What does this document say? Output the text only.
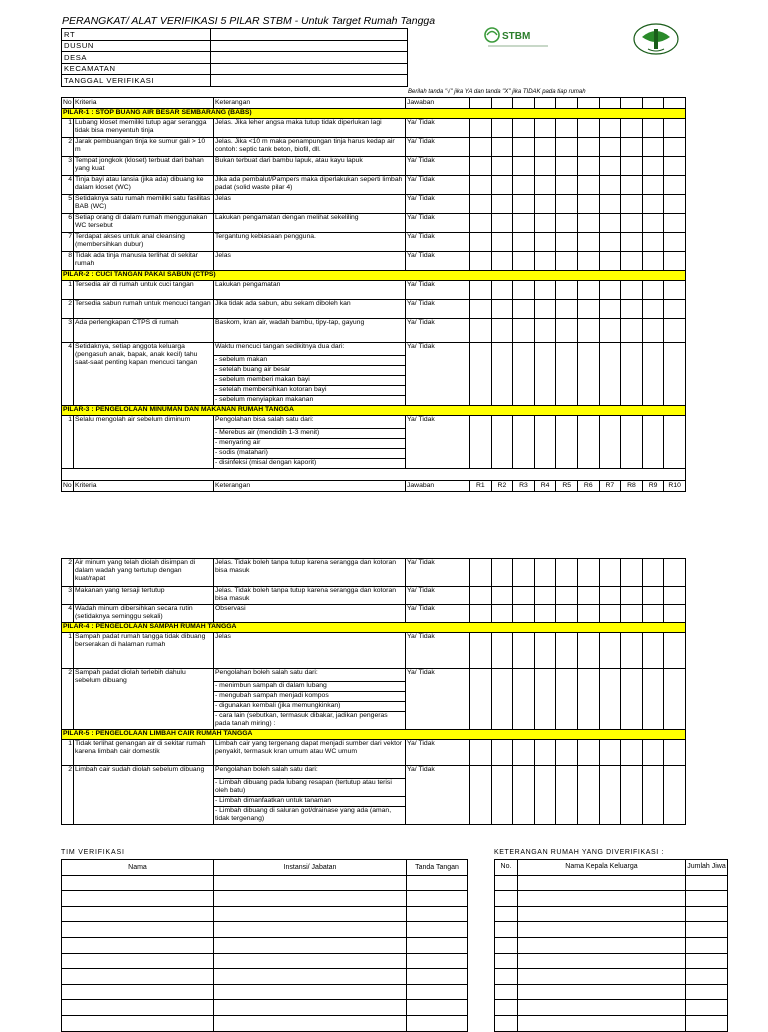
PERANGKAT/ ALAT VERIFIKASI 5 PILAR STBM - Untuk Target Rumah Tangga
STBM
RT	
DUSUN	
DESA	
KECAMATAN	
TANGGAL VERIFIKASI	
Berilah tanda "√" jika YA dan tanda "X" jika TIDAK pada tiap rumah
No	Kriteria	Keterangan	Jawaban										
PILAR-1 : STOP BUANG AIR BESAR SEMBARANG (BABS)													
1	Lubang kloset memiliki tutup agar serangga tidak bisa menyentuh tinja	Jelas. Jika leher angsa maka tutup tidak diperlukan lagi	Ya/ Tidak										
2	Jarak pembuangan tinja ke sumur gali > 10 m	Jelas. Jika <10 m maka penampungan tinja harus kedap air contoh: septic tank beton, biofil, dll.	Ya/ Tidak										
3	Tempat jongkok (kloset) terbuat dari bahan yang kuat	Bukan terbuat dari bambu lapuk, atau kayu lapuk	Ya/ Tidak										
4	Tinja bayi atau lansia (jika ada) dibuang ke dalam kloset (WC)	Jika ada pembalut/Pampers maka diperlakukan seperti limbah padat (solid waste pilar 4)	Ya/ Tidak										
5	Setidaknya satu rumah memiliki satu fasilitas BAB (WC)	Jelas	Ya/ Tidak										
6	Setiap orang di dalam rumah menggunakan WC tersebut	Lakukan pengamatan dengan melihat sekeliling	Ya/ Tidak										
7	Terdapat akses untuk anal cleansing (membersihkan dubur)	Tergantung kebiasaan pengguna.	Ya/ Tidak										
8	Tidak ada tinja manusia terlihat di sekitar rumah	Jelas	Ya/ Tidak										
PILAR-2 : CUCI TANGAN PAKAI SABUN (CTPS)													
1	Tersedia air di rumah untuk cuci tangan	Lakukan pengamatan	Ya/ Tidak										
2	Tersedia sabun rumah untuk mencuci tangan	Jika tidak ada sabun, abu sekam diboleh kan	Ya/ Tidak										
3	Ada perlengkapan CTPS di rumah	Baskom, kran air, wadah bambu, tipy-tap, gayung	Ya/ Tidak										
4	Setidaknya, setiap anggota keluarga (pengasuh anak, bapak, anak kecil) tahu saat-saat penting kapan mencuci tangan	Waktu mencuci tangan sedikitnya dua dari:	Ya/ Tidak										
		- sebelum makan											
		- setelah buang air besar											
		- sebelum memberi makan bayi											
		- setelah membersihkan kotoran bayi											
		- sebelum menyiapkan makanan											
PILAR-3 : PENGELOLAAN MINUMAN DAN MAKANAN RUMAH TANGGA													
1	Selalu mengolah air sebelum diminum	Pengolahan bisa salah satu dari:	Ya/ Tidak										
		- Merebus air (mendidih 1-3 menit)											
		- menyaring air											
		- sodis (matahari)											
		- disinfeksi (misal dengan kaporit)											

No	Kriteria	Keterangan	Jawaban	R1	R2	R3	R4	R5	R6	R7	R8	R9	R10
2	Air minum yang telah diolah disimpan di dalam wadah yang tertutup dengan kuat/rapat	Jelas. Tidak boleh tanpa tutup karena serangga dan kotoran bisa masuk	Ya/ Tidak										
3	Makanan yang tersaji tertutup	Jelas. Tidak boleh tanpa tutup karena serangga dan kotoran bisa masuk	Ya/ Tidak										
4	Wadah minum dibersihkan secara rutin (setidaknya seminggu sekali)	Observasi	Ya/ Tidak										
PILAR-4 : PENGELOLAAN SAMPAH RUMAH TANGGA													
1	Sampah padat rumah tangga tidak dibuang berserakan di halaman rumah	Jelas	Ya/ Tidak										
2	Sampah padat diolah terlebih dahulu sebelum dibuang	Pengolahan boleh salah satu dari:	Ya/ Tidak										
		- menimbun sampah di dalam lubang											
		- mengubah sampah menjadi kompos											
		- digunakan kembali (jika memungkinkan)											
		- cara lain (sebutkan, termasuk dibakar, jadikan pengeras pada tanah miring) :											
PILAR-5 : PENGELOLAAN LIMBAH CAIR RUMAH TANGGA													
1	Tidak terlihat genangan air di sekitar rumah karena limbah cair domestik	Limbah cair yang tergenang dapat menjadi sumber dari vektor penyakit, termasuk kran umum atau WC umum	Ya/ Tidak										
2	Limbah cair sudah diolah sebelum dibuang	Pengolahan boleh salah satu dari:	Ya/ Tidak										
		- Limbah dibuang pada lubang resapan (tertutup atau terisi oleh batu)											
		- Limbah dimanfaatkan untuk tanaman											
		- Limbah dibuang di saluran got/drainase yang ada (aman, tidak tergenang)											
TIM VERIFIKASI	KETERANGAN RUMAH YANG DIVERIFIKASI :
Nama	Instansi/ Jabatan	Tanda Tangan

			No.	Nama Kepala Keluarga	Jumlah Jiwa
